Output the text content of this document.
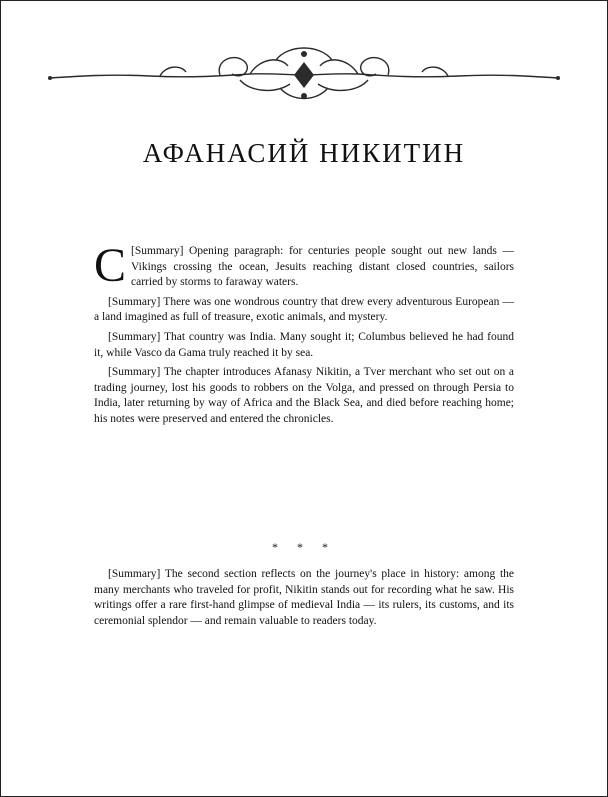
АФАНАСИЙ НИКИТИН

С [Summary] Opening paragraph: for centuries people sought out new lands — Vikings crossing the ocean, Jesuits reaching distant closed countries, sailors carried by storms to faraway waters.

[Summary] There was one wondrous country that drew every adventurous European — a land imagined as full of treasure, exotic animals, and mystery.

[Summary] That country was India. Many sought it; Columbus believed he had found it, while Vasco da Gama truly reached it by sea.

[Summary] The chapter introduces Afanasy Nikitin, a Tver merchant who set out on a trading journey, lost his goods to robbers on the Volga, and pressed on through Persia to India, later returning by way of Africa and the Black Sea, and died before reaching home; his notes were preserved and entered the chronicles.

* * *

[Summary] The second section reflects on the journey's place in history: among the many merchants who traveled for profit, Nikitin stands out for recording what he saw. His writings offer a rare first-hand glimpse of medieval India — its rulers, its customs, and its ceremonial splendor — and remain valuable to readers today.
